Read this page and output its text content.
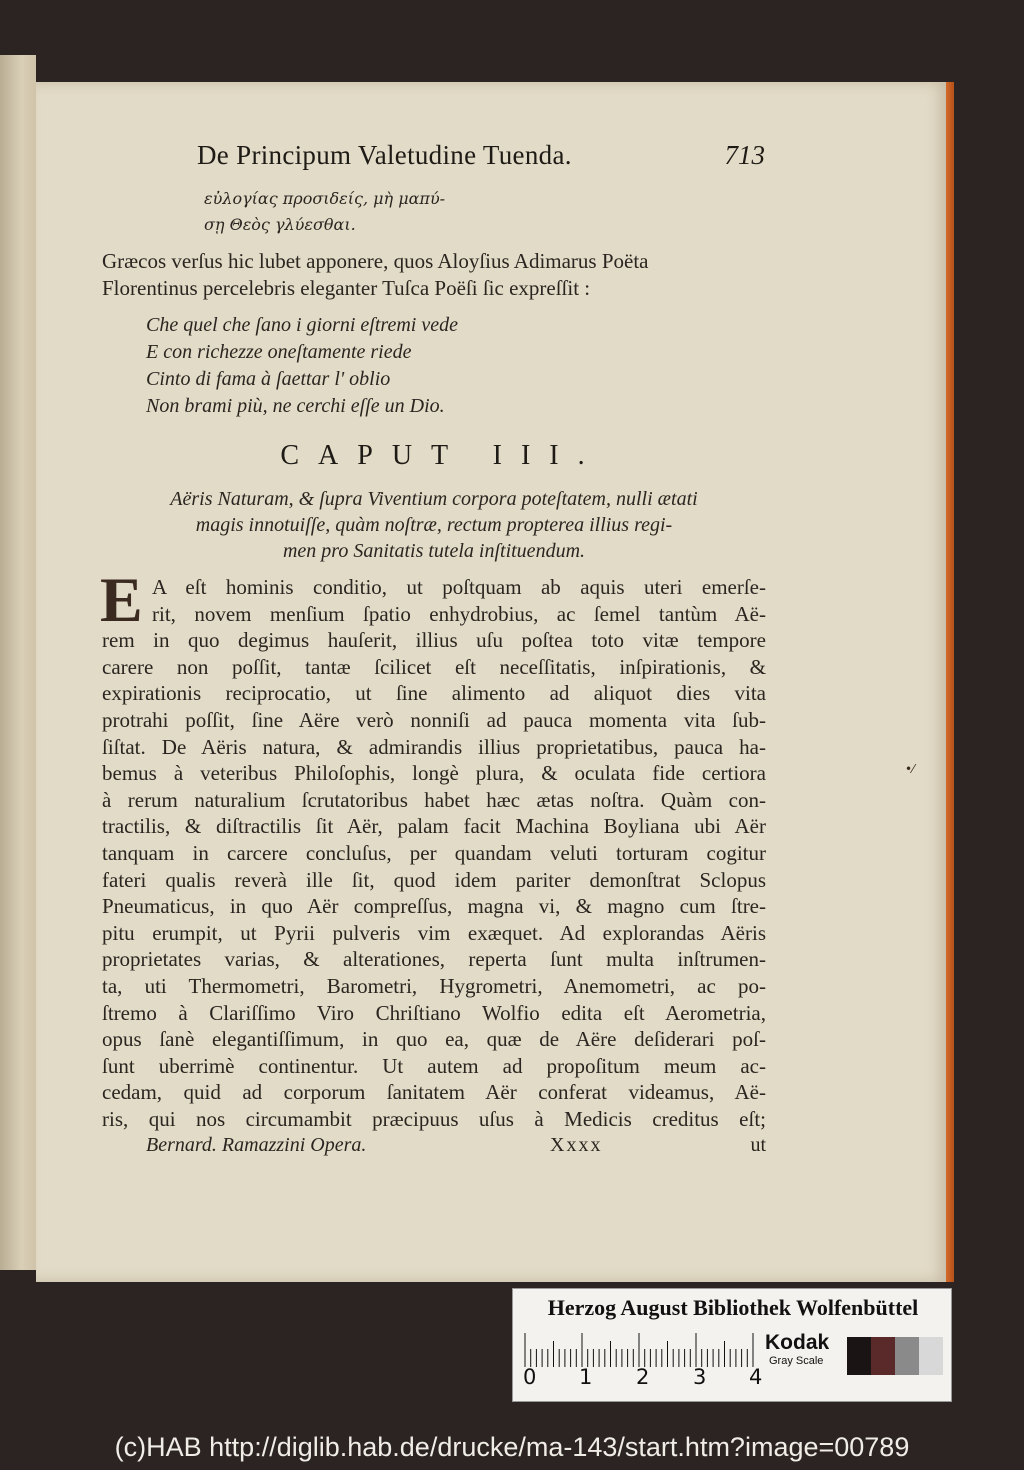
De Principum Valetudine Tuenda.	713
εὐλογίας προσιδείς, μὴ μαπύ-
σῃ Θεὸς γλύεσθαι.
Græcos verſus hic lubet apponere, quos Aloyſius Adimarus Poëta
Florentinus percelebris eleganter Tuſca Poëſi ſic expreſſit :
Che quel che ſano i giorni eſtremi vede
E con richezze oneſtamente riede
Cinto di fama à ſaettar l' oblio
Non brami più, ne cerchi eſſe un Dio.
CAPUT III.
Aëris Naturam, & ſupra Viventium corpora poteſtatem, nulli ætati
magis innotuiſſe, quàm noſtræ, rectum propterea illius regi-
men pro Sanitatis tutela inſtituendum.
E A eſt hominis conditio, ut poſtquam ab aquis uteri emerſe-
rit, novem menſium ſpatio enhydrobius, ac ſemel tantùm Aë-
rem in quo degimus hauſerit, illius uſu poſtea toto vitæ tempore
carere non poſſit, tantæ ſcilicet eſt neceſſitatis, inſpirationis, &
expirationis reciprocatio, ut ſine alimento ad aliquot dies vita
protrahi poſſit, ſine Aëre verò nonniſi ad pauca momenta vita ſub-
ſiſtat. De Aëris natura, & admirandis illius proprietatibus, pauca ha-
bemus à veteribus Philoſophis, longè plura, & oculata fide certiora
à rerum naturalium ſcrutatoribus habet hæc ætas noſtra. Quàm con-
tractilis, & diſtractilis ſit Aër, palam facit Machina Boyliana ubi Aër
tanquam in carcere concluſus, per quandam veluti torturam cogitur
fateri qualis reverà ille ſit, quod idem pariter demonſtrat Sclopus
Pneumaticus, in quo Aër compreſſus, magna vi, & magno cum ſtre-
pitu erumpit, ut Pyrii pulveris vim exæquet. Ad explorandas Aëris
proprietates varias, & alterationes, reperta ſunt multa inſtrumen-
ta, uti Thermometri, Barometri, Hygrometri, Anemometri, ac po-
ſtremo à Clariſſimo Viro Chriſtiano Wolfio edita eſt Aerometria,
opus ſanè elegantiſſimum, in quo ea, quæ de Aëre deſiderari poſ-
ſunt uberrimè continentur. Ut autem ad propoſitum meum ac-
cedam, quid ad corporum ſanitatem Aër conferat videamus, Aë-
ris, qui nos circumambit præcipuus uſus à Medicis creditus eſt;
•⁄
Bernard. Ramazzini Opera.	Xxxx	ut
Herzog August Bibliothek Wolfenbüttel
0 1 2 3 4
Kodak
Gray Scale
(c)HAB http://diglib.hab.de/drucke/ma-143/start.htm?image=00789
